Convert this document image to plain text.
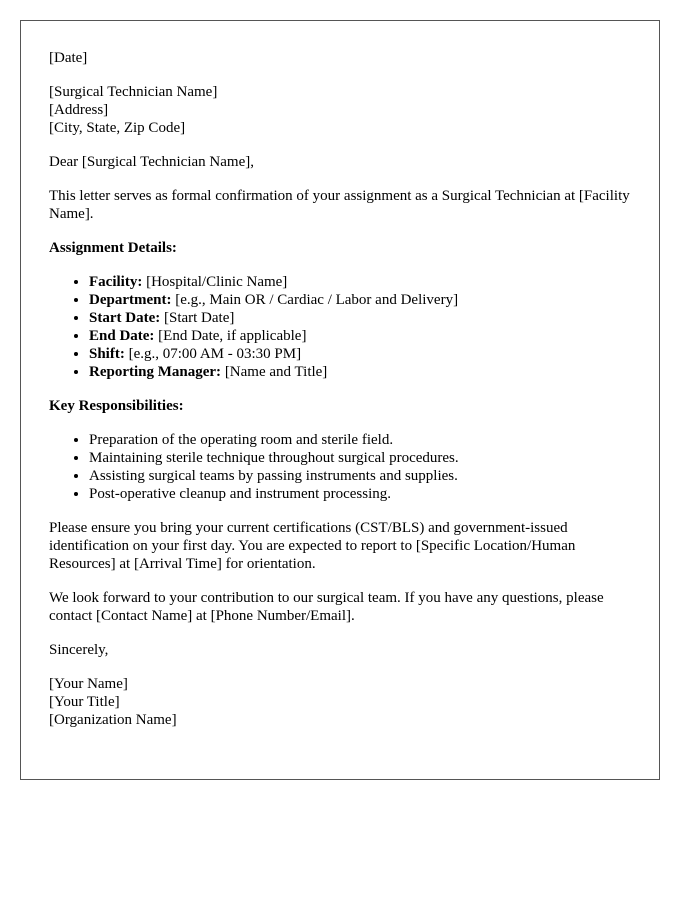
[Date]

[Surgical Technician Name]
[Address]
[City, State, Zip Code]

Dear [Surgical Technician Name],

This letter serves as formal confirmation of your assignment as a Surgical Technician at [Facility Name].

Assignment Details:

• Facility: [Hospital/Clinic Name]
• Department: [e.g., Main OR / Cardiac / Labor and Delivery]
• Start Date: [Start Date]
• End Date: [End Date, if applicable]
• Shift: [e.g., 07:00 AM - 03:30 PM]
• Reporting Manager: [Name and Title]

Key Responsibilities:

• Preparation of the operating room and sterile field.
• Maintaining sterile technique throughout surgical procedures.
• Assisting surgical teams by passing instruments and supplies.
• Post-operative cleanup and instrument processing.

Please ensure you bring your current certifications (CST/BLS) and government-issued identification on your first day. You are expected to report to [Specific Location/Human Resources] at [Arrival Time] for orientation.

We look forward to your contribution to our surgical team. If you have any questions, please contact [Contact Name] at [Phone Number/Email].

Sincerely,

[Your Name]
[Your Title]
[Organization Name]
